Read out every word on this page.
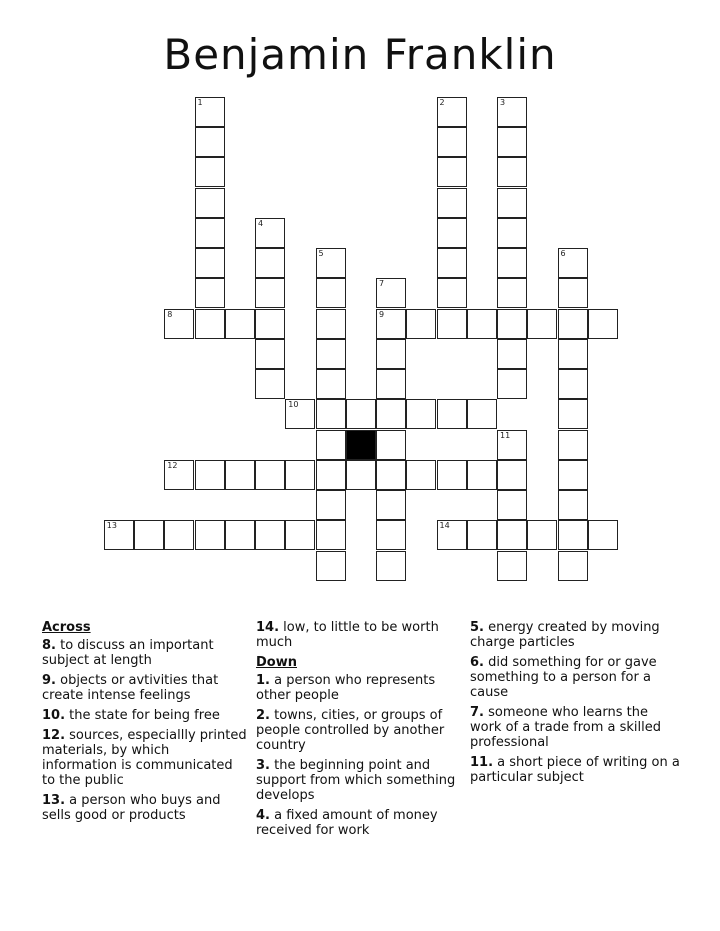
Benjamin Franklin
1	2	3
4
5	6
7
8	9
10
11
12
13	14
Across
8. to discuss an important subject at length
9. objects or avtivities that create intense feelings
10. the state for being free
12. sources, especiallly printed materials, by which information is communicated to the public
13. a person who buys and sells good or products
14. low, to little to be worth much
Down
1. a person who represents other people
2. towns, cities, or groups of people controlled by another country
3. the beginning point and support from which something develops
4. a fixed amount of money received for work
5. energy created by moving charge particles
6. did something for or gave something to a person for a cause
7. someone who learns the work of a trade from a skilled professional
11. a short piece of writing on a particular subject
